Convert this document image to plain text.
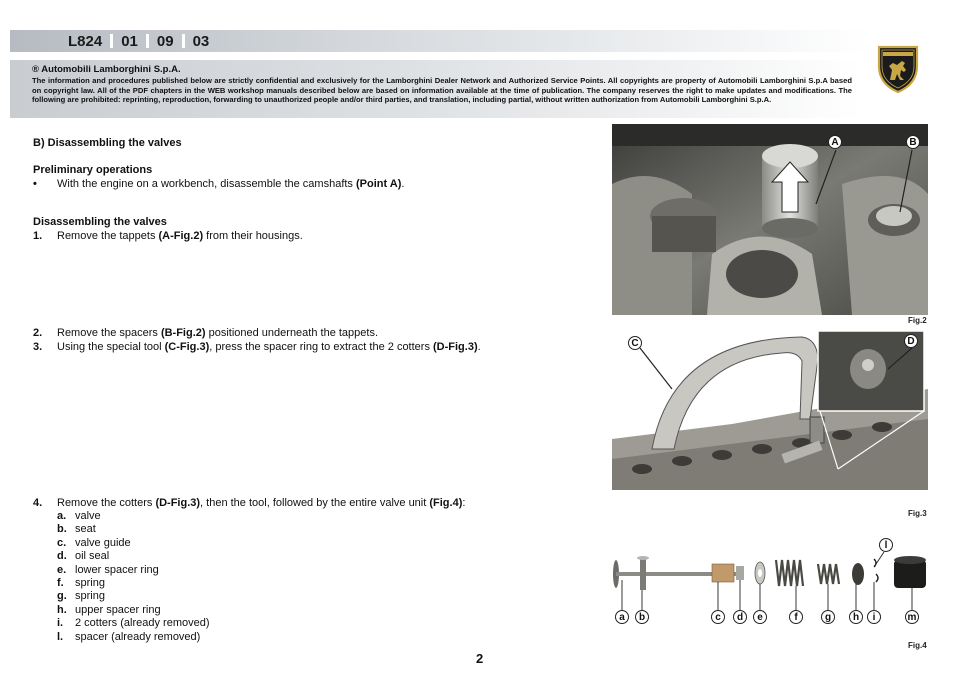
L824	01	09	03
® Automobili Lamborghini S.p.A.
The information and procedures published below are strictly confidential and exclusively for the Lamborghini Dealer Network and Authorized Service Points. All copyrights are property of Automobili Lamborghini S.p.A based on copyright law. All of the PDF chapters in the WEB workshop manuals described below are based on information available at the time of publication. The company reserves the right to make updates and modifications. The following are prohibited: reprinting, reproduction, forwarding to unauthorized people and/or third parties, and translation, including partial, without written authorization from Automobili Lamborghini S.p.A.
B) Disassembling the valves
Preliminary operations
• With the engine on a workbench, disassemble the camshafts (Point A).
Disassembling the valves
1. Remove the tappets (A-Fig.2) from their housings.
2. Remove the spacers (B-Fig.2) positioned underneath the tappets.
3. Using the special tool (C-Fig.3), press the spacer ring to extract the 2 cotters (D-Fig.3).
4. Remove the cotters (D-Fig.3), then the tool, followed by the entire valve unit (Fig.4):
a. valve
b. seat
c. valve guide
d. oil seal
e. lower spacer ring
f. spring
g. spring
h. upper spacer ring
i. 2 cotters (already removed)
l. spacer (already removed)
A	B
Fig.2
C	D
Fig.3
a	b	c	d	e	f	g	h	i
l
m
Fig.4
2
